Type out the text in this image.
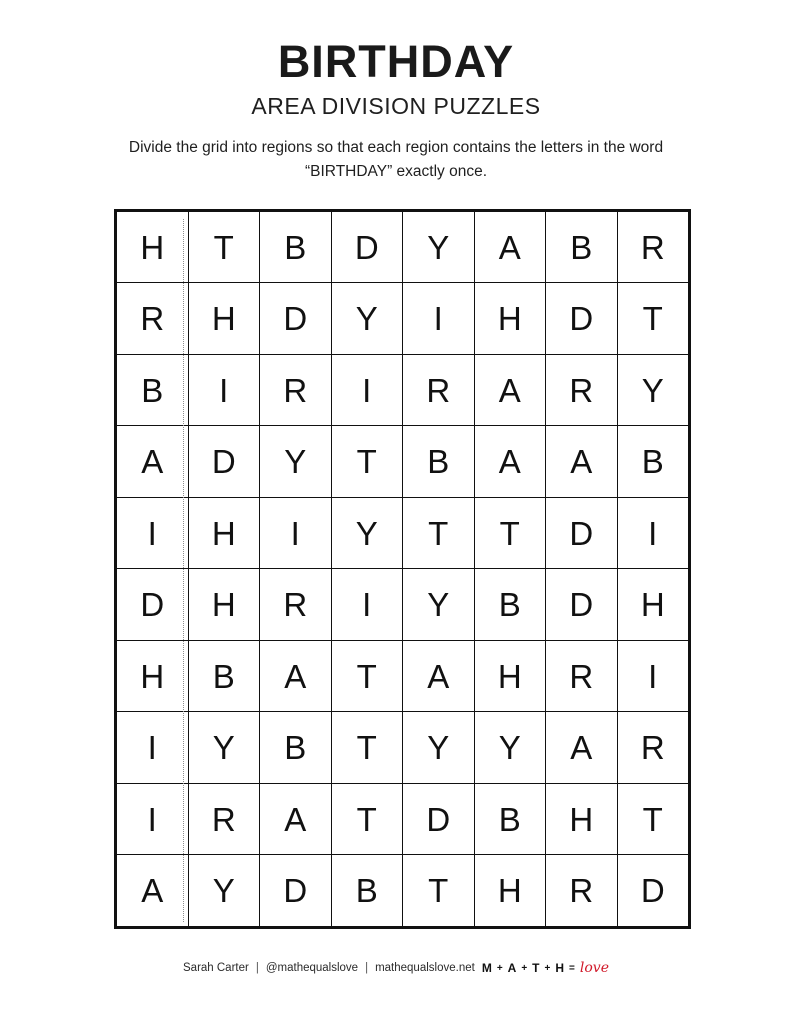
BIRTHDAY
AREA DIVISION PUZZLES
Divide the grid into regions so that each region contains the letters in the word “BIRTHDAY” exactly once.
H	T	B	D	Y	A	B	R
R	H	D	Y	I	H	D	T
B	I	R	I	R	A	R	Y
A	D	Y	T	B	A	A	B
I	H	I	Y	T	T	D	I
D	H	R	I	Y	B	D	H
H	B	A	T	A	H	R	I
I	Y	B	T	Y	Y	A	R
I	R	A	T	D	B	H	T
A	Y	D	B	T	H	R	D
Sarah Carter | @mathequalslove | mathequalslove.net M + A + T + H = love
